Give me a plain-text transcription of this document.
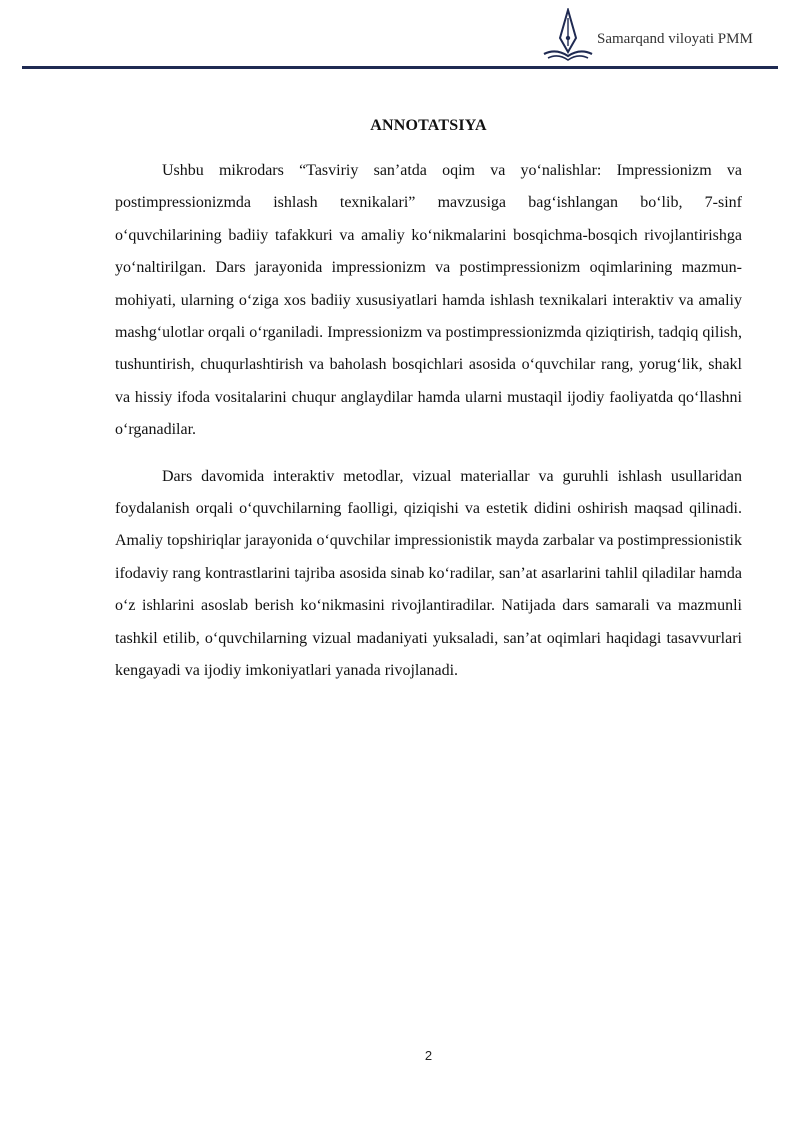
Samarqand viloyati PMM
ANNOTATSIYA

Ushbu mikrodars “Tasviriy san’atda oqim va yo‘nalishlar: Impressionizm va postimpressionizmda ishlash texnikalari” mavzusiga bag‘ishlangan bo‘lib, 7-sinf o‘quvchilarining badiiy tafakkuri va amaliy ko‘nikmalarini bosqichma-bosqich rivojlantirishga yo‘naltirilgan. Dars jarayonida impressionizm va postimpressionizm oqimlarining mazmun-mohiyati, ularning o‘ziga xos badiiy xususiyatlari hamda ishlash texnikalari interaktiv va amaliy mashg‘ulotlar orqali o‘rganiladi. Impressionizm va postimpressionizmda qiziqtirish, tadqiq qilish, tushuntirish, chuqurlashtirish va baholash bosqichlari asosida o‘quvchilar rang, yorug‘lik, shakl va hissiy ifoda vositalarini chuqur anglaydilar hamda ularni mustaqil ijodiy faoliyatda qo‘llashni o‘rganadilar.

Dars davomida interaktiv metodlar, vizual materiallar va guruhli ishlash usullaridan foydalanish orqali o‘quvchilarning faolligi, qiziqishi va estetik didini oshirish maqsad qilinadi. Amaliy topshiriqlar jarayonida o‘quvchilar impressionistik mayda zarbalar va postimpressionistik ifodaviy rang kontrastlarini tajriba asosida sinab ko‘radilar, san’at asarlarini tahlil qiladilar hamda o‘z ishlarini asoslab berish ko‘nikmasini rivojlantiradilar. Natijada dars samarali va mazmunli tashkil etilib, o‘quvchilarning vizual madaniyati yuksaladi, san’at oqimlari haqidagi tasavvurlari kengayadi va ijodiy imkoniyatlari yanada rivojlanadi.

2
